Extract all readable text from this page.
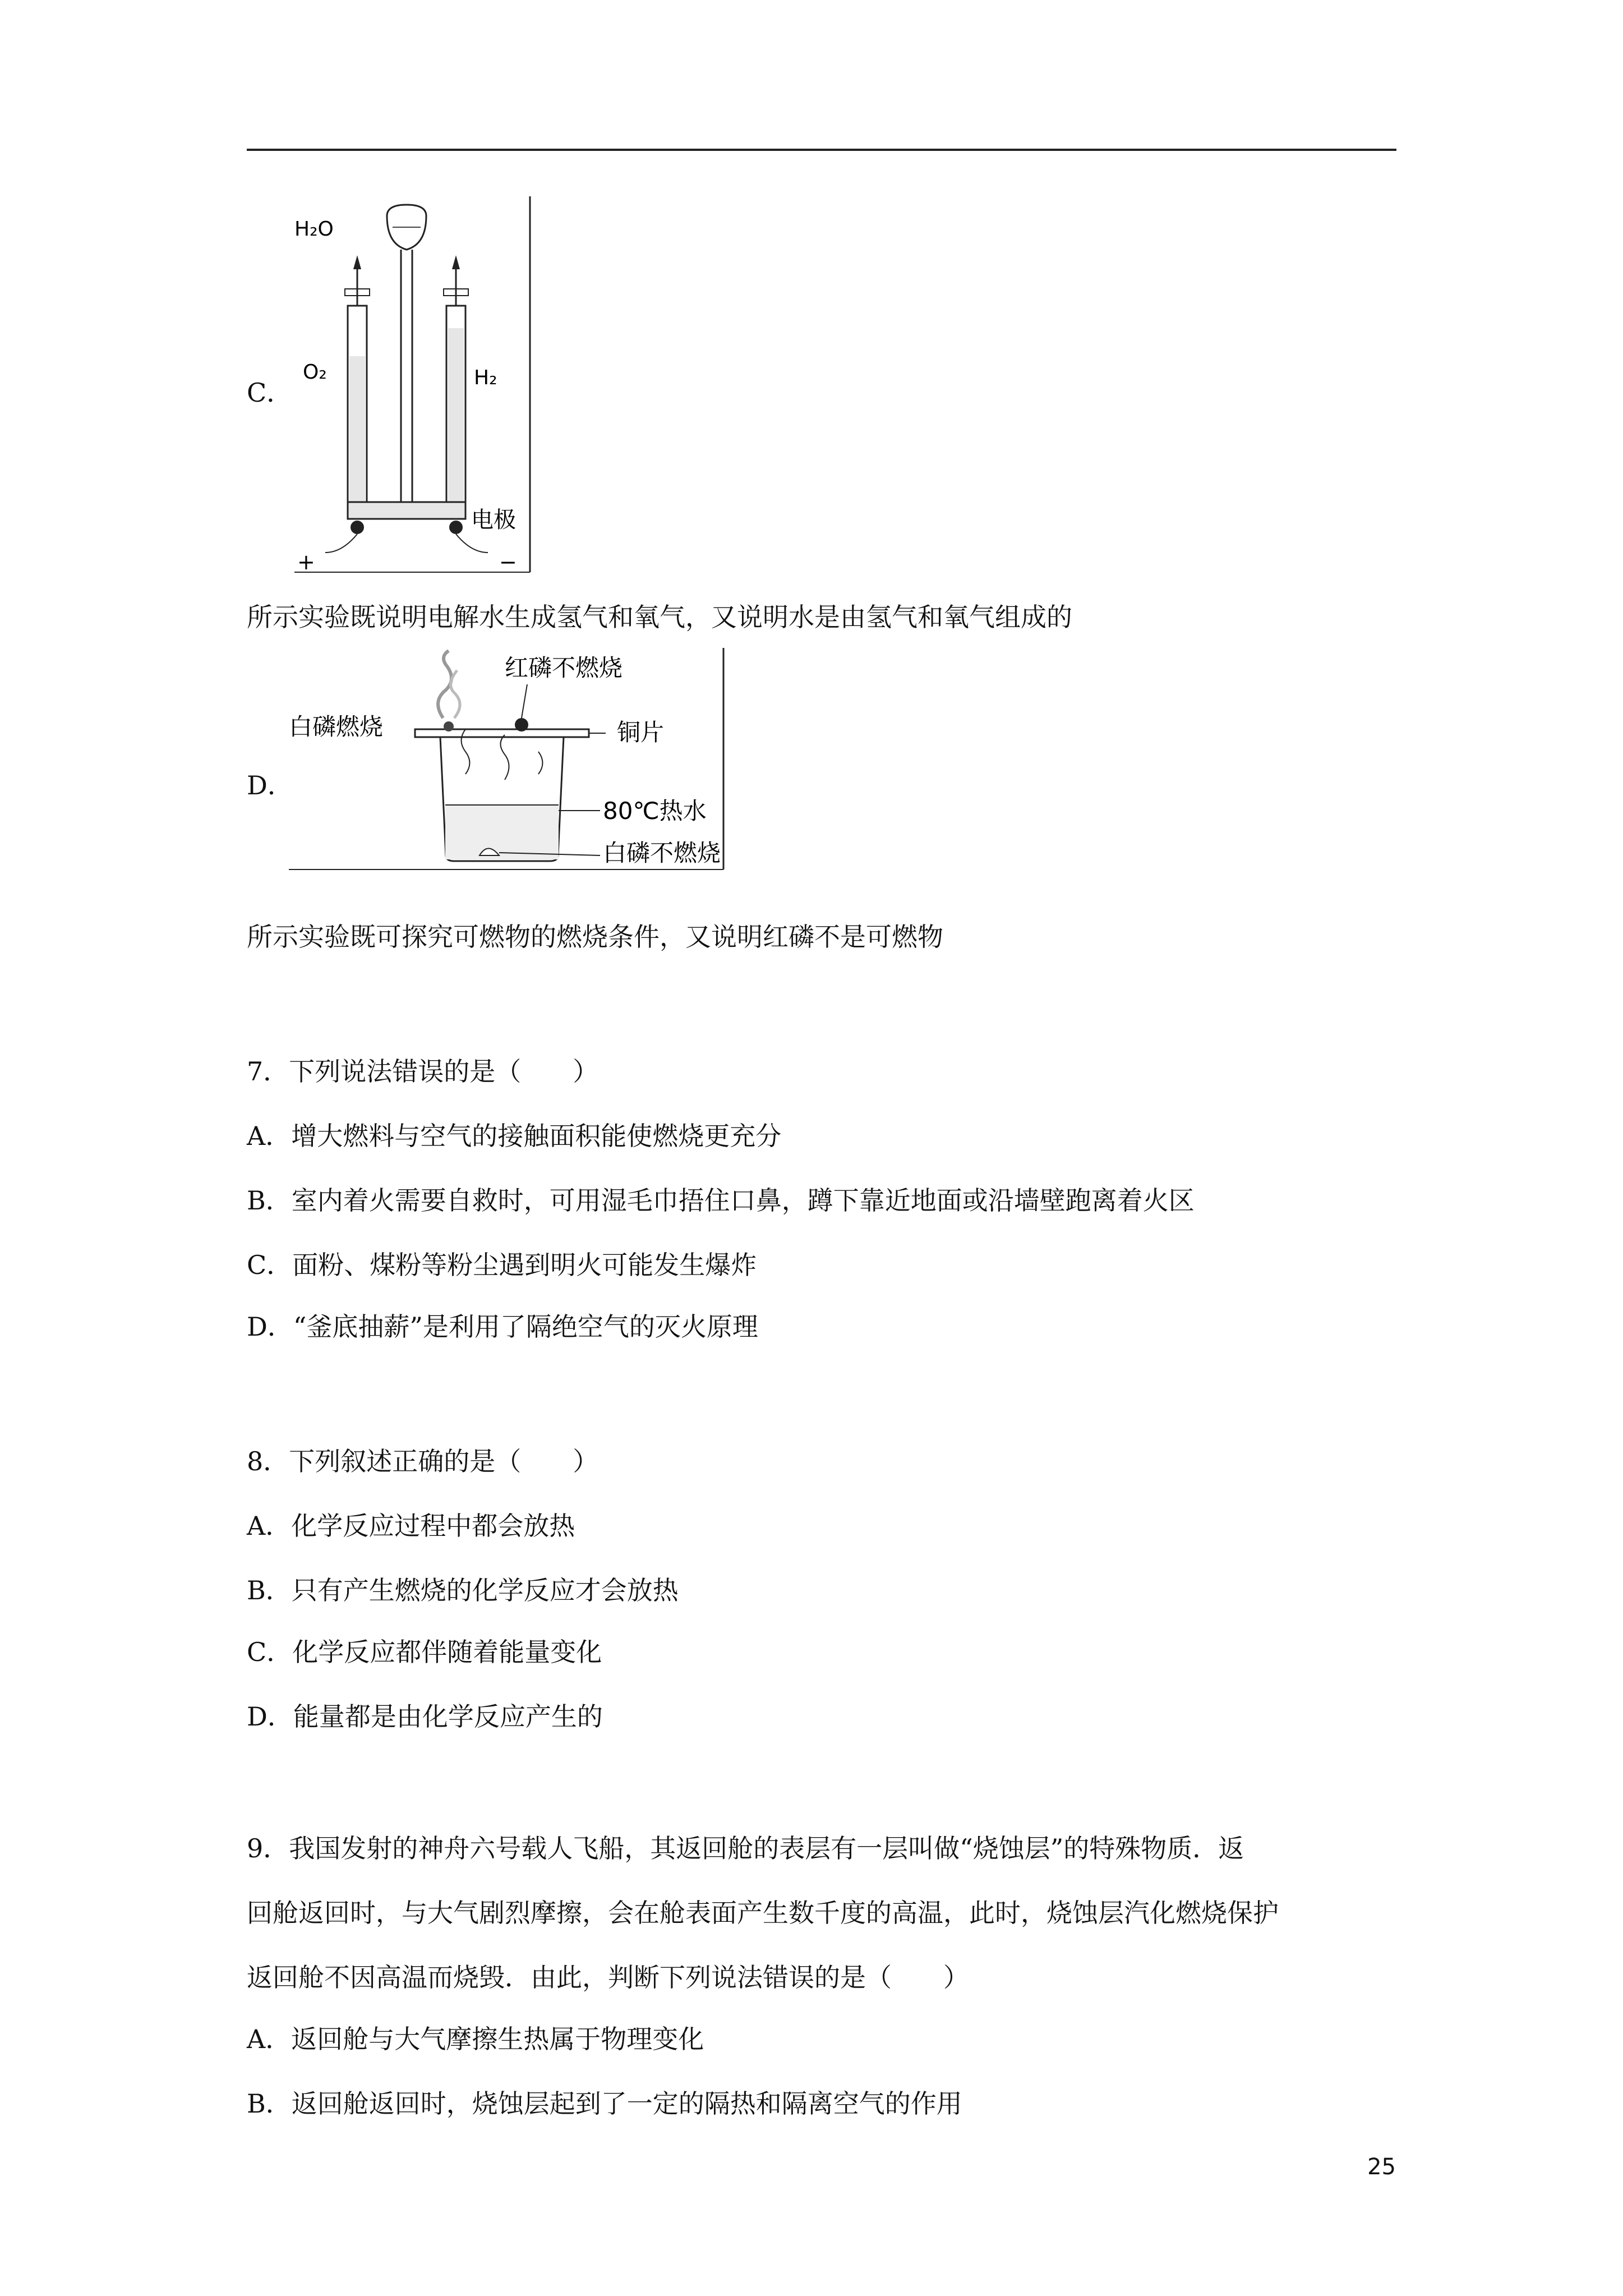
C．
H₂O
O₂	H₂
电极
+	−
所示实验既说明电解水生成氢气和氧气，又说明水是由氢气和氧气组成的
D．
红磷不燃烧
白磷燃烧	铜片
80℃热水
白磷不燃烧
所示实验既可探究可燃物的燃烧条件，又说明红磷不是可燃物
7．下列说法错误的是（　　）
A．增大燃料与空气的接触面积能使燃烧更充分
B．室内着火需要自救时，可用湿毛巾捂住口鼻，蹲下靠近地面或沿墙壁跑离着火区
C．面粉、煤粉等粉尘遇到明火可能发生爆炸
D．“釜底抽薪”是利用了隔绝空气的灭火原理
8．下列叙述正确的是（　　）
A．化学反应过程中都会放热
B．只有产生燃烧的化学反应才会放热
C．化学反应都伴随着能量变化
D．能量都是由化学反应产生的
9．我国发射的神舟六号载人飞船，其返回舱的表层有一层叫做“烧蚀层”的特殊物质．返
回舱返回时，与大气剧烈摩擦，会在舱表面产生数千度的高温，此时，烧蚀层汽化燃烧保护
返回舱不因高温而烧毁．由此，判断下列说法错误的是（　　）
A．返回舱与大气摩擦生热属于物理变化
B．返回舱返回时，烧蚀层起到了一定的隔热和隔离空气的作用
25
